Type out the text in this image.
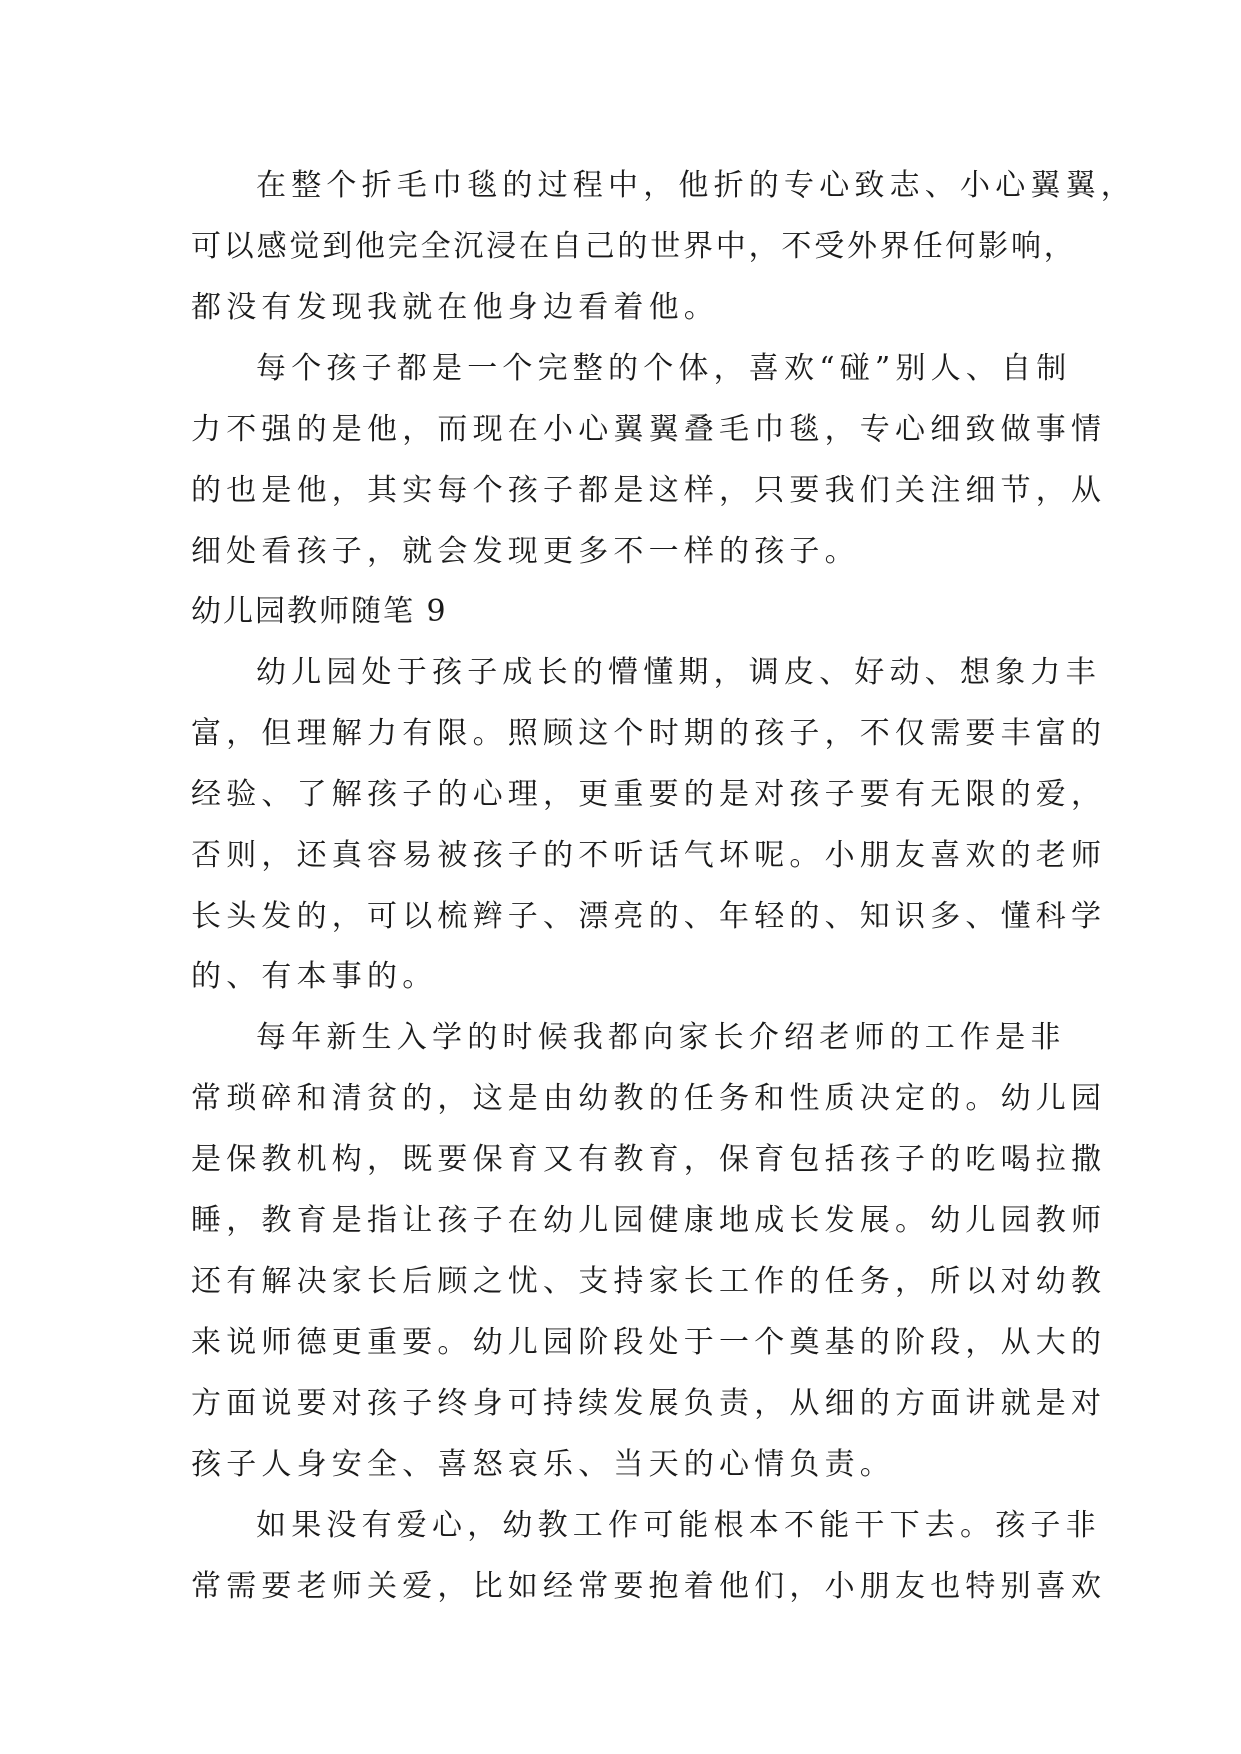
在整个折毛巾毯的过程中，他折的专心致志、小心翼翼，
可以感觉到他完全沉浸在自己的世界中，不受外界任何影响，
都没有发现我就在他身边看着他。
每个孩子都是一个完整的个体，喜欢“碰”别人、自制
力不强的是他，而现在小心翼翼叠毛巾毯，专心细致做事情
的也是他，其实每个孩子都是这样，只要我们关注细节，从
细处看孩子，就会发现更多不一样的孩子。
幼儿园教师随笔 9
幼儿园处于孩子成长的懵懂期，调皮、好动、想象力丰
富，但理解力有限。照顾这个时期的孩子，不仅需要丰富的
经验、了解孩子的心理，更重要的是对孩子要有无限的爱，
否则，还真容易被孩子的不听话气坏呢。小朋友喜欢的老师
长头发的，可以梳辫子、漂亮的、年轻的、知识多、懂科学
的、有本事的。
每年新生入学的时候我都向家长介绍老师的工作是非
常琐碎和清贫的，这是由幼教的任务和性质决定的。幼儿园
是保教机构，既要保育又有教育，保育包括孩子的吃喝拉撒
睡，教育是指让孩子在幼儿园健康地成长发展。幼儿园教师
还有解决家长后顾之忧、支持家长工作的任务，所以对幼教
来说师德更重要。幼儿园阶段处于一个奠基的阶段，从大的
方面说要对孩子终身可持续发展负责，从细的方面讲就是对
孩子人身安全、喜怒哀乐、当天的心情负责。
如果没有爱心，幼教工作可能根本不能干下去。孩子非
常需要老师关爱，比如经常要抱着他们，小朋友也特别喜欢
